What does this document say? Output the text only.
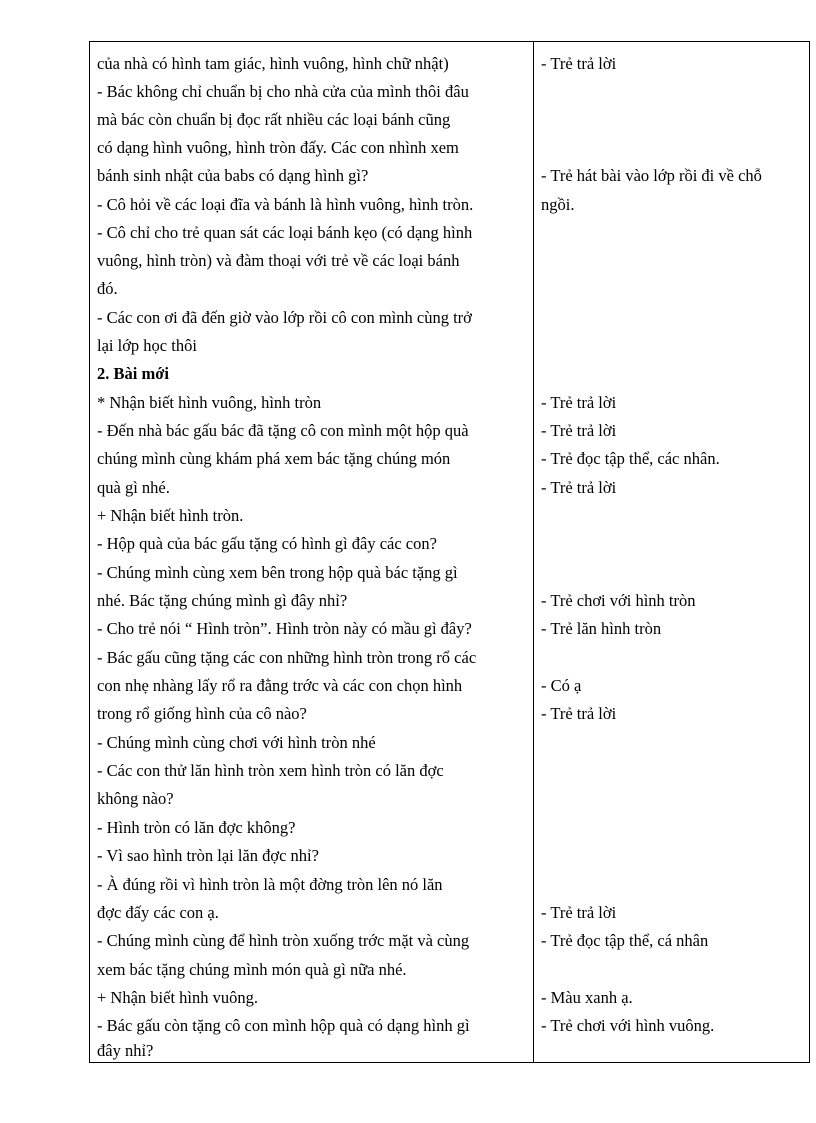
của nhà có hình tam giác, hình vuông, hình chữ nhật)
- Bác không chỉ chuẩn bị cho nhà cửa của mình thôi đâu
mà bác còn chuẩn bị đọc rất nhiều các loại bánh cũng
có dạng hình vuông, hình tròn đấy. Các con nhình xem
bánh sinh nhật của babs có dạng hình gì?
- Cô hỏi về các loại đĩa và bánh là hình vuông, hình tròn.
- Cô chỉ cho trẻ quan sát các loại bánh kẹo (có dạng hình
vuông, hình tròn) và đàm thoại với trẻ về các loại bánh
đó.
- Các con ơi đã đến giờ vào lớp rồi cô con mình cùng trở
lại lớp học thôi
2. Bài mới
* Nhận biết hình vuông, hình tròn
- Đến nhà bác gấu bác đã tặng cô con mình một hộp quà
chúng mình cùng khám phá xem bác tặng chúng món
quà gì nhé.
+ Nhận biết hình tròn.
- Hộp quà của bác gấu tặng có hình gì đây các con?
- Chúng mình cùng xem bên trong hộp quà bác tặng gì
nhé. Bác tặng chúng mình gì đây nhỉ?
- Cho trẻ nói “ Hình tròn”. Hình tròn này có mầu gì đây?
- Bác gấu cũng tặng các con những hình tròn trong rổ các
con nhẹ nhàng lấy rổ ra đằng trớc và các con chọn hình
trong rổ giống hình của cô nào?
- Chúng mình cùng chơi với hình tròn nhé
- Các con thử lăn hình tròn xem hình tròn có lăn đợc
không nào?
- Hình tròn có lăn đợc không?
- Vì sao hình tròn lại lăn đợc nhỉ?
- À đúng rồi vì hình tròn là một đờng tròn lên nó lăn
đợc đấy các con ạ.
- Chúng mình cùng để hình tròn xuống trớc mặt và cùng
xem bác tặng chúng mình món quà gì nữa nhé.
+ Nhận biết hình vuông.
- Bác gấu còn tặng cô con mình hộp quà có dạng hình gì
đây nhỉ?
- Trẻ trả lời
- Trẻ hát bài vào lớp rồi đi về chỗ
ngồi.
- Trẻ trả lời
- Trẻ trả lời
- Trẻ đọc tập thể, các nhân.
- Trẻ trả lời
- Trẻ chơi với hình tròn
- Trẻ lăn hình tròn
- Có ạ
- Trẻ trả lời
- Trẻ trả lời
- Trẻ đọc tập thể, cá nhân
- Màu xanh ạ.
- Trẻ chơi với hình vuông.
